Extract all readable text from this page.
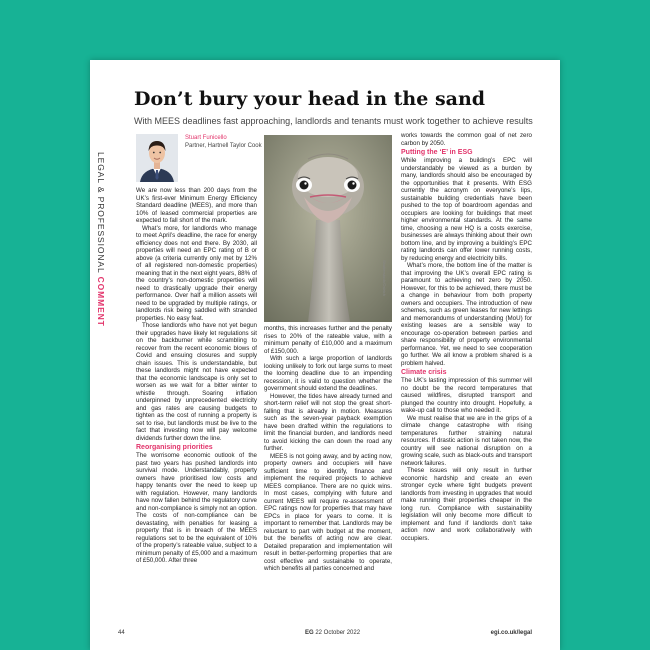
LEGAL & PROFESSIONAL COMMENT
Don’t bury your head in the sand
With MEES deadlines fast approaching, landlords and tenants must work together to achieve results
Stuart Funicello
Partner, Hartnell Taylor Cook

We are now less than 200 days from the UK’s first-ever Minimum Energy Efficiency Standard deadline (MEES), and more than 10% of leased commercial properties are expected to fall short of the mark.

What’s more, for landlords who manage to meet April’s deadline, the race for energy efficiency does not end there. By 2030, all properties will need an EPC rating of B or above (a criteria currently only met by 12% of all registered non-domestic properties) meaning that in the next eight years, 88% of the country’s non-domestic properties will need to drastically upgrade their energy performance. Over half a million assets will need to be upgraded by multiple ratings, or landlords risk being saddled with stranded properties. No easy feat.

Those landlords who have not yet begun their upgrades have likely let regulations sit on the backburner while scrambling to recover from the recent economic blows of Covid and ensuing closures and supply chain issues. This is understandable, but these landlords might not have expected that the economic landscape is only set to worsen as we wait for a bitter winter to whistle through. Soaring inflation underpinned by unprecedented electricity and gas rates are causing budgets to tighten as the cost of running a property is set to rise, but landlords must be live to the fact that investing now will pay welcome dividends further down the line.

Reorganising priorities

The worrisome economic outlook of the past two years has pushed landlords into survival mode. Understandably, property owners have prioritised low costs and happy tenants over the need to keep up with regulation. However, many landlords have now fallen behind the regulatory curve and non-compliance is simply not an option. The costs of non-compliance can be devastating, with penalties for leasing a property that is in breach of the MEES regulations set to be the equivalent of 10% of the property’s rateable value, subject to a minimum penalty of £5,000 and a maximum of £50,000. After three

Shutterstock/Ostrich

months, this increases further and the penalty rises to 20% of the rateable value, with a minimum penalty of £10,000 and a maximum of £150,000.

With such a large proportion of landlords looking unlikely to fork out large sums to meet the looming deadline due to an impending recession, it is valid to question whether the government should extend the deadlines.

However, the tides have already turned and short-term relief will not stop the great short-falling that is already in motion. Measures such as the seven-year payback exemption have been drafted within the regulations to limit the financial burden, and landlords need to avoid kicking the can down the road any further.

MEES is not going away, and by acting now, property owners and occupiers will have sufficient time to identify, finance and implement the required projects to achieve MEES compliance. There are no quick wins. In most cases, complying with future and current MEES will require re-assessment of EPC ratings now for properties that may have EPCs in place for years to come. It is important to remember that. Landlords may be reluctant to part with budget at the moment, but the benefits of acting now are clear. Detailed preparation and implementation will result in better-performing properties that are cost effective and sustainable to operate, which benefits all parties concerned and

works towards the common goal of net zero carbon by 2050.

Putting the ‘E’ in ESG

While improving a building’s EPC will understandably be viewed as a burden by many, landlords should also be encouraged by the opportunities that it presents. With ESG currently the acronym on everyone’s lips, sustainable building credentials have been pushed to the top of boardroom agendas and occupiers are looking for buildings that meet higher environmental standards. At the same time, choosing a new HQ is a costs exercise, businesses are always thinking about their own bottom line, and by improving a building’s EPC rating landlords can offer lower running costs, by reducing energy and electricity bills.

What’s more, the bottom line of the matter is that improving the UK’s overall EPC rating is paramount to achieving net zero by 2050. However, for this to be achieved, there must be a change in behaviour from both property owners and occupiers. The introduction of new schemes, such as green leases for new lettings and memorandums of understanding (MoU) for existing leases are a sensible way to encourage co-operation between parties and share responsibility of property environmental performance. Yet, we need to see cooperation go further. We all know a problem shared is a problem halved.

Climate crisis

The UK’s lasting impression of this summer will no doubt be the record temperatures that caused wildfires, disrupted transport and plunged the country into drought. Hopefully, a wake-up call to those who needed it.

We must realise that we are in the grips of a climate change catastrophe with rising temperatures further straining natural resources. If drastic action is not taken now, the country will see national disruption on a growing scale, such as black-outs and transport network failures.

These issues will only result in further economic hardship and create an even stronger cycle where tight budgets prevent landlords from investing in upgrades that would make running their properties cheaper in the long run. Compliance with sustainability legislation will only become more difficult to implement and fund if landlords don’t take action now and work collaboratively with occupiers.

44	EG 22 October 2022	egi.co.uk/legal
